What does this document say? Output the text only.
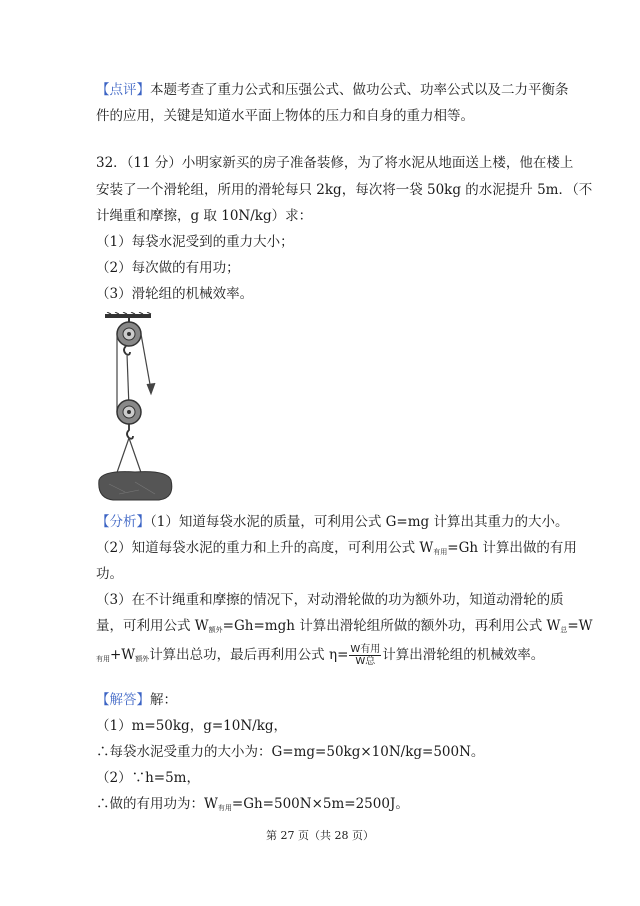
【点评】本题考查了重力公式和压强公式、做功公式、功率公式以及二力平衡条
件的应用，关键是知道水平面上物体的压力和自身的重力相等。
32．（11 分）小明家新买的房子准备装修，为了将水泥从地面送上楼，他在楼上
安装了一个滑轮组，所用的滑轮每只 2kg，每次将一袋 50kg 的水泥提升 5m．（不
计绳重和摩擦，g 取 10N/kg）求：
（1）每袋水泥受到的重力大小；
（2）每次做的有用功；
（3）滑轮组的机械效率。
【分析】（1）知道每袋水泥的质量，可利用公式 G=mg 计算出其重力的大小。
（2）知道每袋水泥的重力和上升的高度，可利用公式 $W_{有用}=Gh$ 计算出做的有用
功。
（3）在不计绳重和摩擦的情况下，对动滑轮做的功为额外功，知道动滑轮的质
量，可利用公式 $W_{额外}=Gh=mgh$ 计算出滑轮组所做的额外功，再利用公式 $W_总=W$
$_{有用}+W_{额外}$计算出总功，最后再利用公式 $\eta= \frac{\text{W有用}}{\text{W总}}$ 计算出滑轮组的机械效率。
【解答】解：
（1）m=50kg，g=10N/kg，
∴每袋水泥受重力的大小为：G=mg=50kg×10N/kg=500N。
（2）∵h=5m，
∴做的有用功为：$W_{有用}=Gh=500N\times 5m=2500J$。
第 27 页（共 28 页）
